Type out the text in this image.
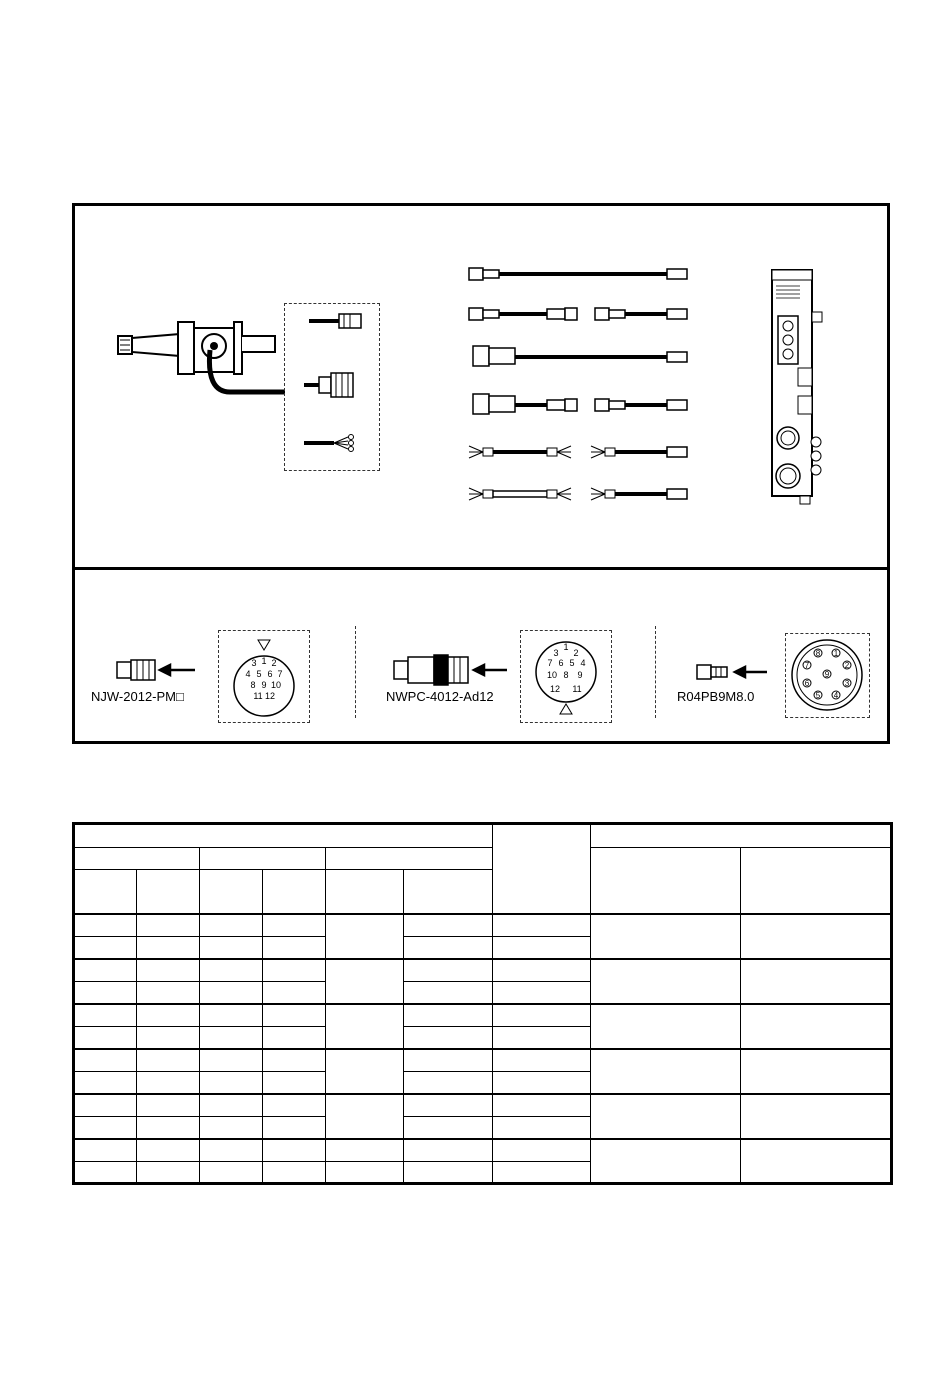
NJW-2012-PM□
1 2
3
4 5 6 7
8 9 10
11 12	NWPC-4012-Ad12
1
2
3
4
5
6
7
8 9
10
11
12	R04PB9M8.0
1
2
3
4
5
6
7
8
9
